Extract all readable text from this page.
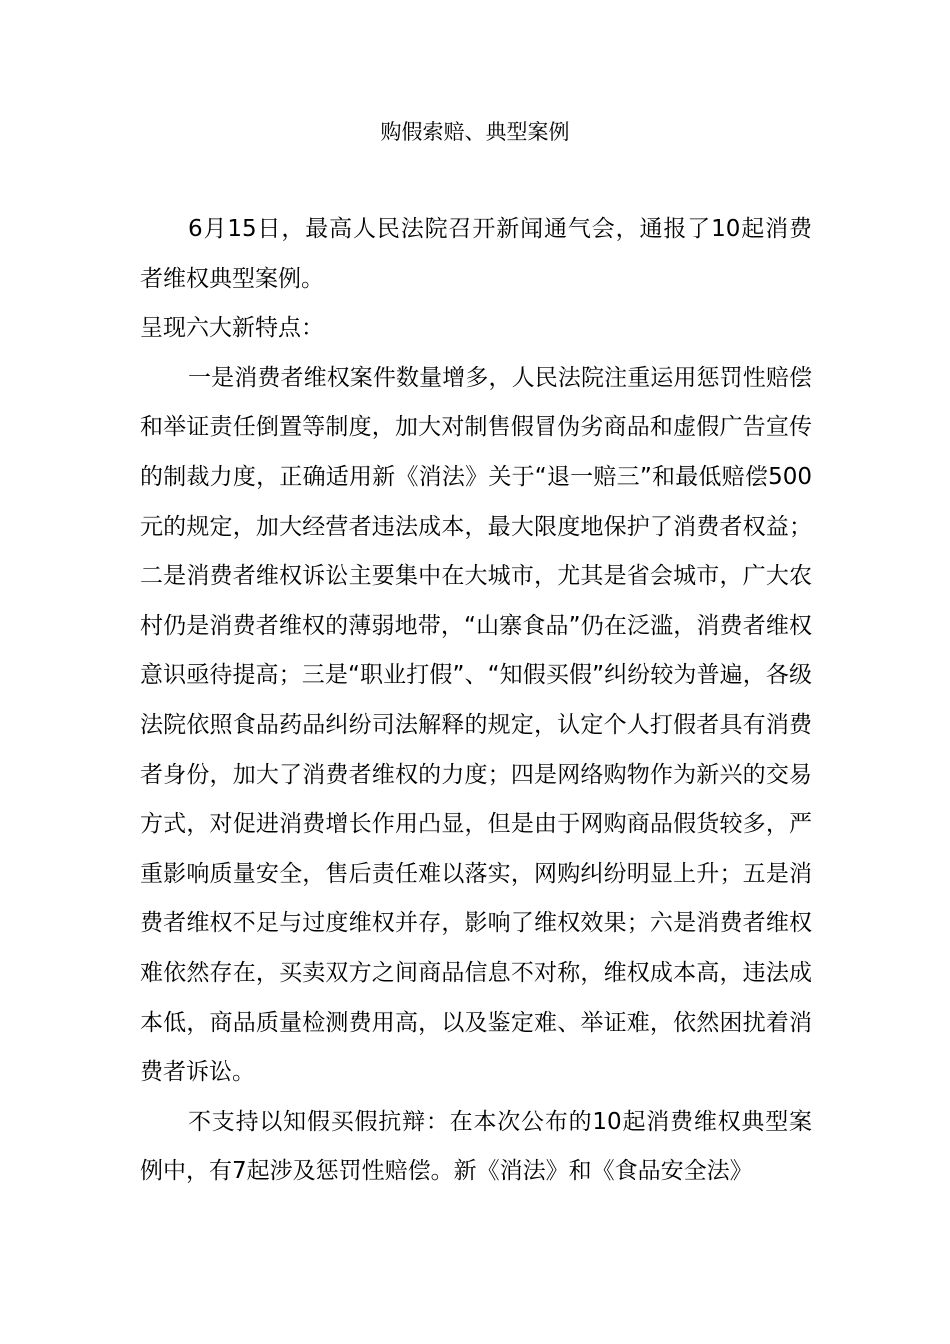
购假索赔、典型案例

6月15日，最高人民法院召开新闻通气会，通报了10起消费者维权典型案例。

呈现六大新特点：

一是消费者维权案件数量增多，人民法院注重运用惩罚性赔偿和举证责任倒置等制度，加大对制售假冒伪劣商品和虚假广告宣传的制裁力度，正确适用新《消法》关于“退一赔三”和最低赔偿500元的规定，加大经营者违法成本，最大限度地保护了消费者权益；二是消费者维权诉讼主要集中在大城市，尤其是省会城市，广大农村仍是消费者维权的薄弱地带，“山寨食品”仍在泛滥，消费者维权意识亟待提高；三是“职业打假”、“知假买假”纠纷较为普遍，各级法院依照食品药品纠纷司法解释的规定，认定个人打假者具有消费者身份，加大了消费者维权的力度；四是网络购物作为新兴的交易方式，对促进消费增长作用凸显，但是由于网购商品假货较多，严重影响质量安全，售后责任难以落实，网购纠纷明显上升；五是消费者维权不足与过度维权并存，影响了维权效果；六是消费者维权难依然存在，买卖双方之间商品信息不对称，维权成本高，违法成本低，商品质量检测费用高，以及鉴定难、举证难，依然困扰着消费者诉讼。

不支持以知假买假抗辩：在本次公布的10起消费维权典型案例中，有7起涉及惩罚性赔偿。新《消法》和《食品安全法》
